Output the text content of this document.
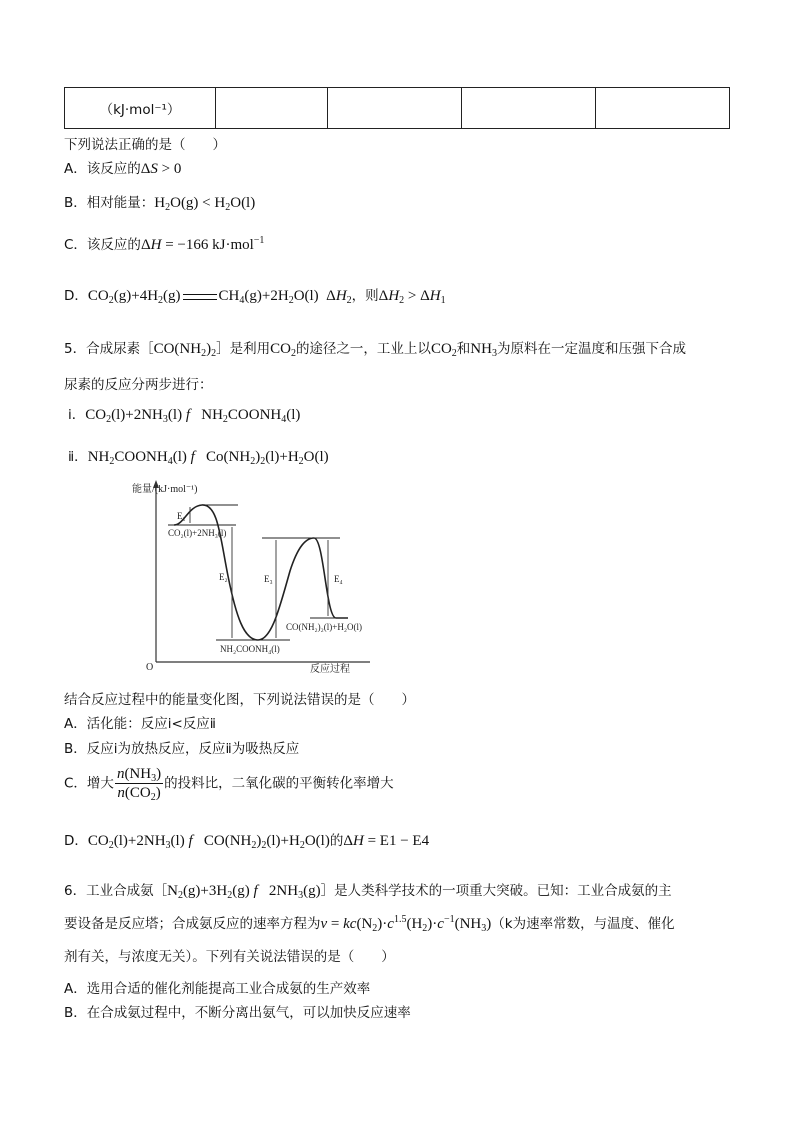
（kJ·mol⁻¹）				
下列说法正确的是（　　）
A．该反应的ΔS > 0
B．相对能量：$H_2O(g) < H_2O(l)$
C．该反应的ΔH = −166 kJ·mol$^{-1}$
D．$CO_2(g)+4H_2(g)$	$CH_4(g)+2H_2O(l)$  $\Delta H_2$，则$\Delta H_2 > \Delta H_1$
5．合成尿素$[CO(NH_2)_2]$是利用$CO_2$的途径之一，工业上以$CO_2$和$NH_3$为原料在一定温度和压强下合成
尿素的反应分两步进行：
ⅰ．$CO_2(l)+2NH_3(l)$ f   $NH_2COONH_4(l)$
ⅱ．$NH_2COONH_4(l)$ f   $Co(NH_2)_2(l)+H_2O(l)$
能量/(kJ·mol⁻¹)
O	反应过程
E₁
E₂	E₃	E₄
CO₂(l)+2NH₃(l)
NH₂COONH₄(l)
CO(NH₂)₂(l)+H₂O(l)
结合反应过程中的能量变化图，下列说法错误的是（　　）
A．活化能：反应ⅰ<反应ⅱ
B．反应ⅰ为放热反应，反应ⅱ为吸热反应
C．增大 $\frac{n(NH_3)}{n(CO_2)}$ 的投料比，二氧化碳的平衡转化率增大
D．$CO_2(l)+2NH_3(l)$ f   $CO(NH_2)_2(l)+H_2O(l)$的ΔH = E1 − E4
6．工业合成氨$[N_2(g)+3H_2(g)$ f   $2NH_3(g)]$是人类科学技术的一项重大突破。已知：工业合成氨的主
要设备是反应塔；合成氨反应的速率方程为$v = kc(N_2)\cdot c^{1.5}(H_2)\cdot c^{-1}(NH_3)(k$为速率常数，与温度、催化
剂有关，与浓度无关）。下列有关说法错误的是（　　）
A．选用合适的催化剂能提高工业合成氨的生产效率
B．在合成氨过程中，不断分离出氨气，可以加快反应速率
